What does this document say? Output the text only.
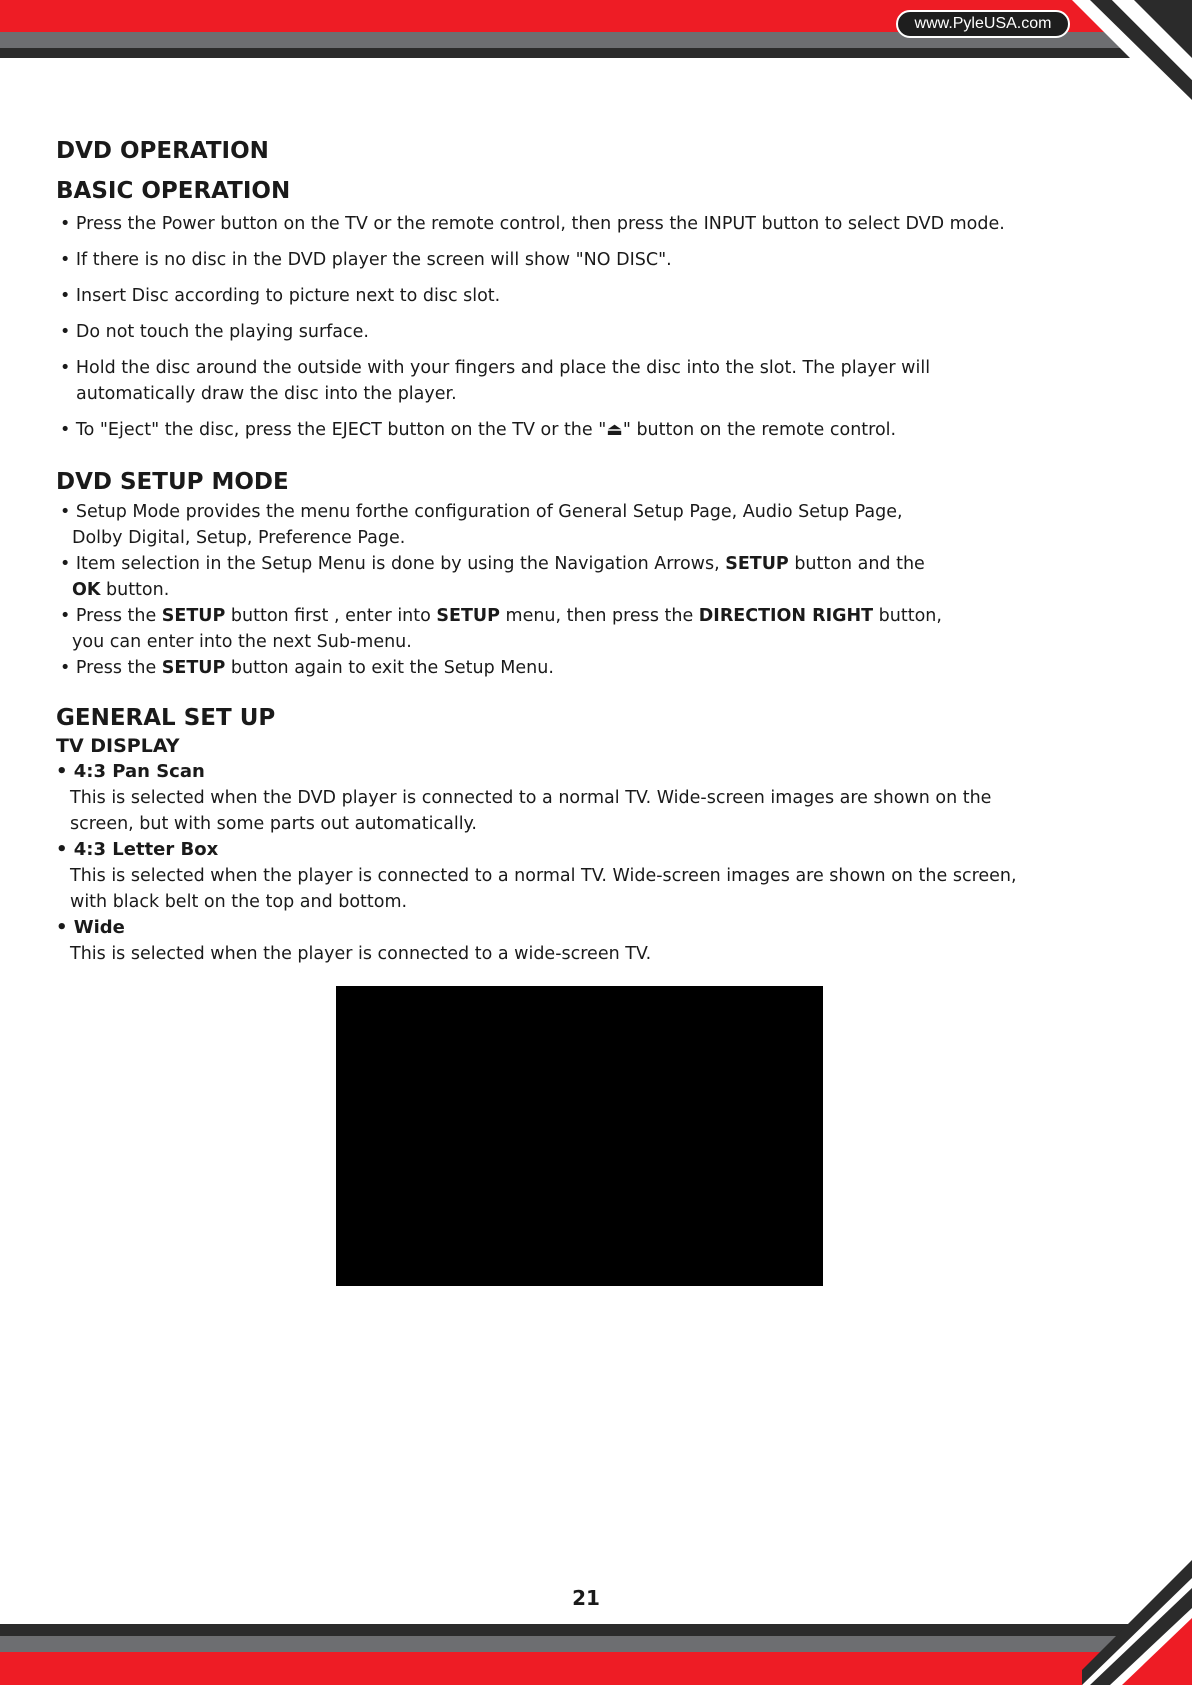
www.PyleUSA.com
DVD OPERATION
BASIC OPERATION

• Press the Power button on the TV or the remote control, then press the INPUT button to select DVD mode.

• If there is no disc in the DVD player the screen will show "NO DISC".

• Insert Disc according to picture next to disc slot.

• Do not touch the playing surface.

• Hold the disc around the outside with your fingers and place the disc into the slot. The player will
automatically draw the disc into the player.

• To "Eject" the disc, press the EJECT button on the TV or the "⏏" button on the remote control.

DVD SETUP MODE

• Setup Mode provides the menu forthe configuration of General Setup Page, Audio Setup Page,
Dolby Digital, Setup, Preference Page.

• Item selection in the Setup Menu is done by using the Navigation Arrows, SETUP button and the
OK button.

• Press the SETUP button first , enter into SETUP menu, then press the DIRECTION RIGHT button,
you can enter into the next Sub-menu.

• Press the SETUP button again to exit the Setup Menu.

GENERAL SET UP
TV DISPLAY

• 4:3 Pan Scan

This is selected when the DVD player is connected to a normal TV. Wide-screen images are shown on the

screen, but with some parts out automatically.

• 4:3 Letter Box

This is selected when the player is connected to a normal TV. Wide-screen images are shown on the screen,

with black belt on the top and bottom.

• Wide

This is selected when the player is connected to a wide-screen TV.

21
